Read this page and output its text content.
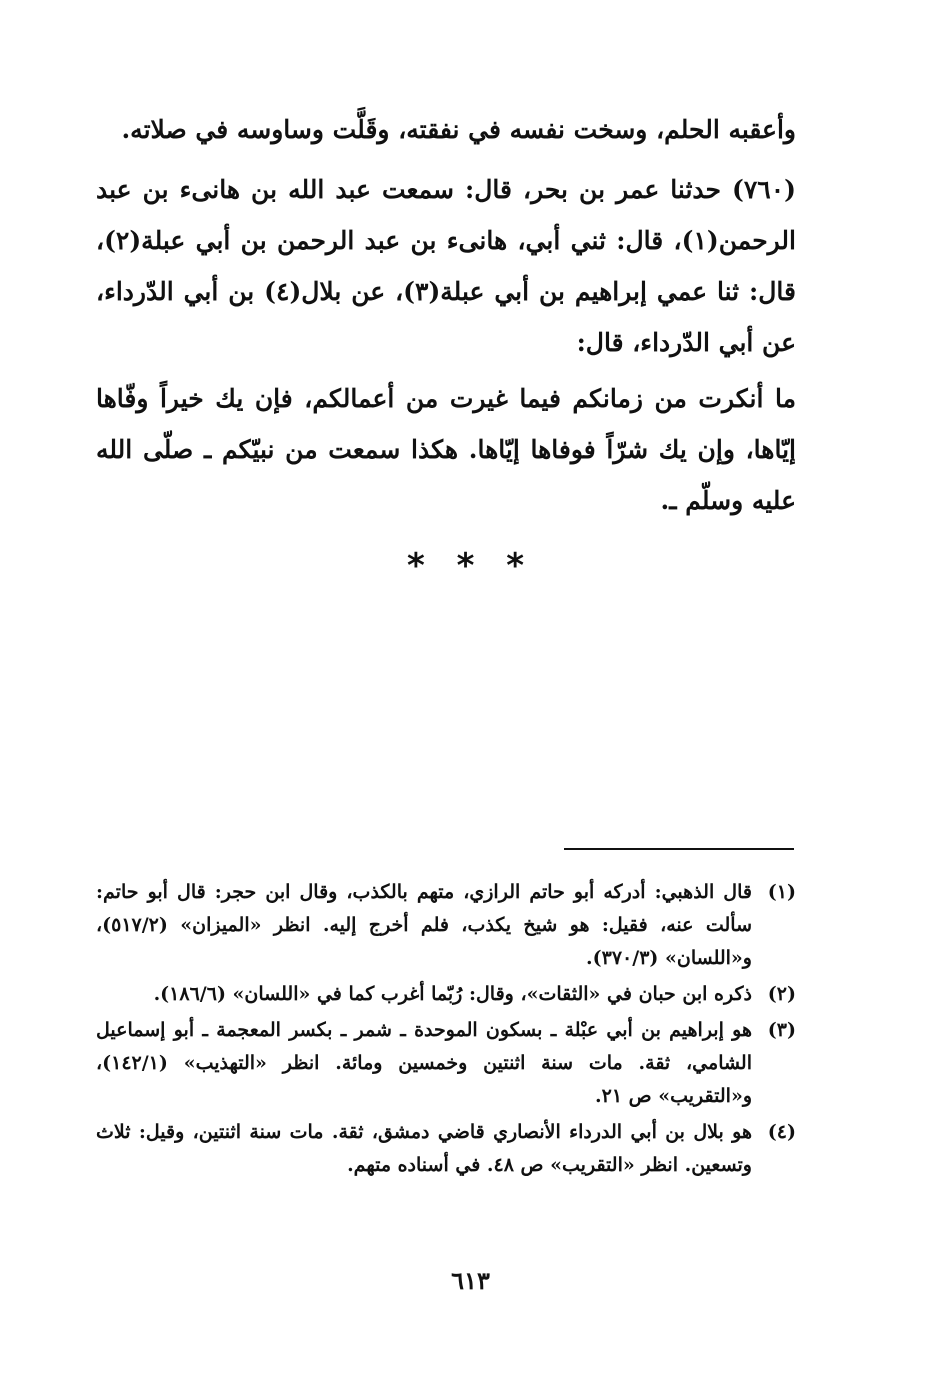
وأعقبه الحلم، وسخت نفسه في نفقته، وقَلَّت وساوسه في صلاته.

(٧٦٠) حدثنا عمر بن بحر، قال: سمعت عبد الله بن هانىء بن عبد الرحمن(١)، قال: ثني أبي، هانىء بن عبد الرحمن بن أبي عبلة(٢)، قال: ثنا عمي إبراهيم بن أبي عبلة(٣)، عن بلال(٤) بن أبي الدّرداء، عن أبي الدّرداء، قال:

ما أنكرت من زمانكم فيما غيرت من أعمالكم، فإن يك خيراً وفّاها إيّاها، وإن يك شرّاً فوفاها إيّاها. هكذا سمعت من نبيّكم ـ صلّى الله عليه وسلّم ـ.

* * *
(١)
قال الذهبي: أدركه أبو حاتم الرازي، متهم بالكذب، وقال ابن حجر: قال أبو حاتم: سألت عنه، فقيل: هو شيخ يكذب، فلم أخرج إليه. انظر «الميزان» (٥١٧/٢)، و«اللسان» (٣٧٠/٣).
(٢)
ذكره ابن حبان في «الثقات»، وقال: رُبّما أغرب كما في «اللسان» (١٨٦/٦).
(٣)
هو إبراهيم بن أبي عبْلة ـ بسكون الموحدة ـ شمر ـ بكسر المعجمة ـ أبو إسماعيل الشامي، ثقة. مات سنة اثنتين وخمسين ومائة. انظر «التهذيب» (١٤٢/١)، و«التقريب» ص ٢١.
(٤)
هو بلال بن أبي الدرداء الأنصاري قاضي دمشق، ثقة. مات سنة اثنتين، وقيل: ثلاث وتسعين. انظر «التقريب» ص ٤٨. في أسناده متهم.
٦١٣
